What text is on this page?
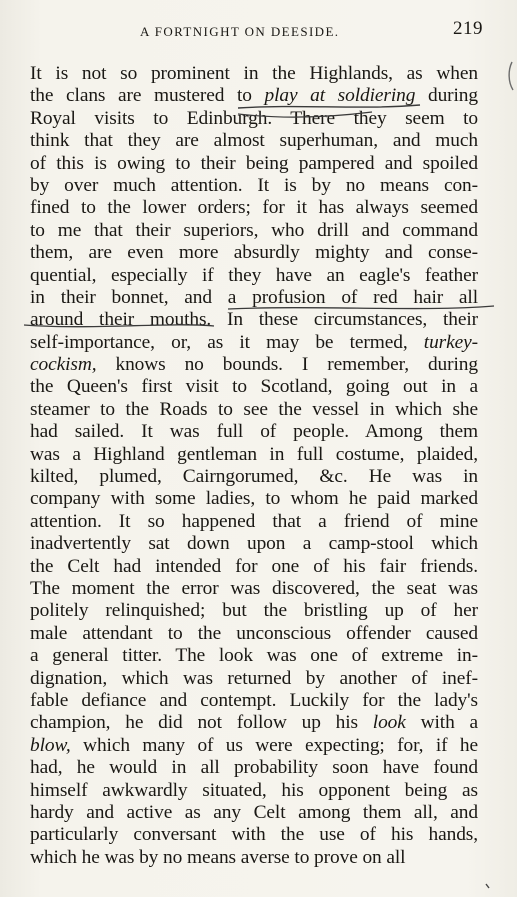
A FORTNIGHT ON DEESIDE.	219
It is not so prominent in the Highlands, as when
the clans are mustered to play at soldiering during
Royal visits to Edinburgh. There they seem to
think that they are almost superhuman, and much
of this is owing to their being pampered and spoiled
by over much attention. It is by no means con-
fined to the lower orders; for it has always seemed
to me that their superiors, who drill and command
them, are even more absurdly mighty and conse-
quential, especially if they have an eagle's feather
in their bonnet, and a profusion of red hair all
around their mouths. In these circumstances, their
self-importance, or, as it may be termed, turkey-
cockism, knows no bounds. I remember, during
the Queen's first visit to Scotland, going out in a
steamer to the Roads to see the vessel in which she
had sailed. It was full of people. Among them
was a Highland gentleman in full costume, plaided,
kilted, plumed, Cairngorumed, &c. He was in
company with some ladies, to whom he paid marked
attention. It so happened that a friend of mine
inadvertently sat down upon a camp-stool which
the Celt had intended for one of his fair friends.
The moment the error was discovered, the seat was
politely relinquished; but the bristling up of her
male attendant to the unconscious offender caused
a general titter. The look was one of extreme in-
dignation, which was returned by another of inef-
fable defiance and contempt. Luckily for the lady's
champion, he did not follow up his look with a
blow, which many of us were expecting; for, if he
had, he would in all probability soon have found
himself awkwardly situated, his opponent being as
hardy and active as any Celt among them all, and
particularly conversant with the use of his hands,
which he was by no means averse to prove on all
